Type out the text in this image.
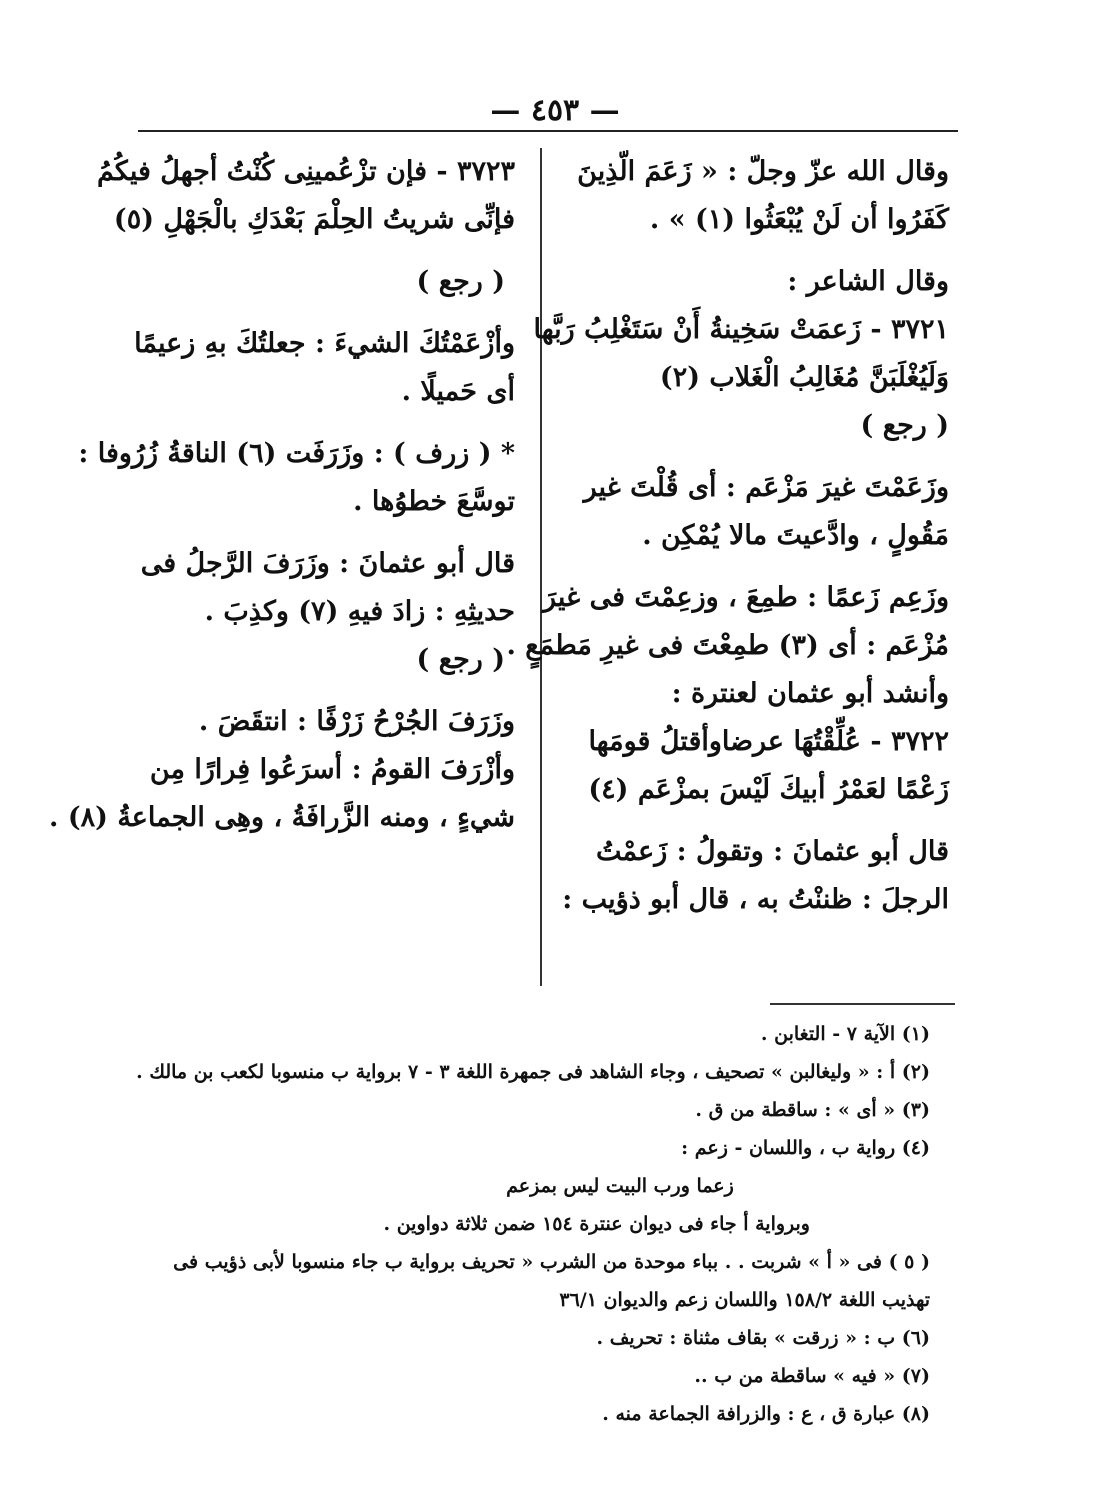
— ٤٥٣ —
وقال الله عزّ وجلّ : « زَعَمَ الّذِينَ
كَفَرُوا أن لَنْ يُبْعَثُوا (١) » .
وقال الشاعر :
٣٧٢١ - زَعمَتْ سَخِينةُ أَنْ سَتَغْلِبُ رَبَّها
وَلَيُغْلَبَنَّ مُغَالِبُ الْغَلاب (٢)
( رجع )
وزَعَمْتَ غيرَ مَزْعَم : أى قُلْتَ غير
مَقُولٍ ، وادَّعيتَ مالا يُمْكِن .
وزَعِم زَعمًا : طمِعَ ، وزعِمْتَ فى غيرَ
مُزْعَم : أى (٣) طمِعْتَ فى غيرِ مَطمَعٍ .
وأنشد أبو عثمان لعنترة :
٣٧٢٢ - عُلِّقْتُهَا عرضاوأقتلُ قومَها
زَعْمًا لعَمْرُ أبيكَ لَيْسَ بمزْعَم (٤)
قال أبو عثمانَ : وتقولُ : زَعمْتُ
الرجلَ : ظننْتُ به ، قال أبو ذؤيب :
٣٧٢٣ - فإن تزْعُمينِى كُنْتُ أجهلُ فيكُمُ
فإنِّى شريتُ الحِلْمَ بَعْدَكِ بالْجَهْلِ (٥)
( رجع )
وأزْعَمْتُكَ الشيءَ : جعلتُكَ بهِ زعيمًا
أى حَميلًا .
* ( زرف ) : وزَرَفَت (٦) الناقةُ زُرُوفا :
توسَّعَ خطوُها .
قال أبو عثمانَ : وزَرَفَ الرَّجلُ فى
حديثِهِ : زادَ فيهِ (٧) وكذِبَ .
( رجع )
وزَرَفَ الجُرْحُ زَرْفًا : انتقَضَ .
وأزْرَفَ القومُ : أسرَعُوا فِرارًا مِن
شيءٍ ، ومنه الزَّرافَةُ ، وهِى الجماعةُ (٨) .
(١) الآية ٧ - التغابن .
(٢) أ : « وليغالبن » تصحيف ، وجاء الشاهد فى جمهرة اللغة ٣ - ٧ برواية ب منسوبا لكعب بن مالك .
(٣) « أى » : ساقطة من ق .
(٤) رواية ب ، واللسان - زعم :
زعما ورب البيت ليس بمزعم
وبرواية أ جاء فى ديوان عنترة ١٥٤ ضمن ثلاثة دواوين .
( ٥ ) فى « أ » شربت . . بباء موحدة من الشرب « تحريف برواية ب جاء منسوبا لأبى ذؤيب فى
تهذيب اللغة ١٥٨/٢ واللسان زعم والديوان ٣٦/١
(٦) ب : « زرقت » بقاف مثناة : تحريف .
(٧) « فيه » ساقطة من ب ..
(٨) عبارة ق ، ع : والزرافة الجماعة منه .
